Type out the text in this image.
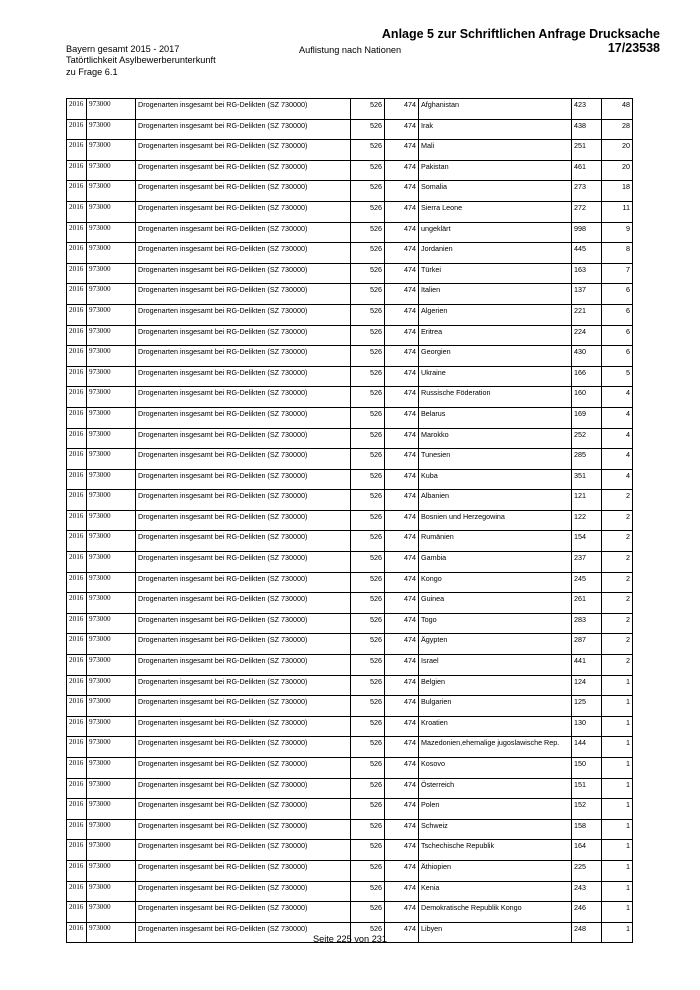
Anlage 5 zur Schriftlichen Anfrage Drucksache 17/23538
Bayern gesamt 2015 - 2017
Tatörtlichkeit Asylbewerberunterkunft
zu Frage 6.1
Auflistung nach Nationen
2016	973000	Drogenarten insgesamt bei RG-Delikten (SZ 730000)	526	474	Afghanistan	423	48
2016	973000	Drogenarten insgesamt bei RG-Delikten (SZ 730000)	526	474	Irak	438	28
2016	973000	Drogenarten insgesamt bei RG-Delikten (SZ 730000)	526	474	Mali	251	20
2016	973000	Drogenarten insgesamt bei RG-Delikten (SZ 730000)	526	474	Pakistan	461	20
2016	973000	Drogenarten insgesamt bei RG-Delikten (SZ 730000)	526	474	Somalia	273	18
2016	973000	Drogenarten insgesamt bei RG-Delikten (SZ 730000)	526	474	Sierra Leone	272	11
2016	973000	Drogenarten insgesamt bei RG-Delikten (SZ 730000)	526	474	ungeklärt	998	9
2016	973000	Drogenarten insgesamt bei RG-Delikten (SZ 730000)	526	474	Jordanien	445	8
2016	973000	Drogenarten insgesamt bei RG-Delikten (SZ 730000)	526	474	Türkei	163	7
2016	973000	Drogenarten insgesamt bei RG-Delikten (SZ 730000)	526	474	Italien	137	6
2016	973000	Drogenarten insgesamt bei RG-Delikten (SZ 730000)	526	474	Algerien	221	6
2016	973000	Drogenarten insgesamt bei RG-Delikten (SZ 730000)	526	474	Eritrea	224	6
2016	973000	Drogenarten insgesamt bei RG-Delikten (SZ 730000)	526	474	Georgien	430	6
2016	973000	Drogenarten insgesamt bei RG-Delikten (SZ 730000)	526	474	Ukraine	166	5
2016	973000	Drogenarten insgesamt bei RG-Delikten (SZ 730000)	526	474	Russische Föderation	160	4
2016	973000	Drogenarten insgesamt bei RG-Delikten (SZ 730000)	526	474	Belarus	169	4
2016	973000	Drogenarten insgesamt bei RG-Delikten (SZ 730000)	526	474	Marokko	252	4
2016	973000	Drogenarten insgesamt bei RG-Delikten (SZ 730000)	526	474	Tunesien	285	4
2016	973000	Drogenarten insgesamt bei RG-Delikten (SZ 730000)	526	474	Kuba	351	4
2016	973000	Drogenarten insgesamt bei RG-Delikten (SZ 730000)	526	474	Albanien	121	2
2016	973000	Drogenarten insgesamt bei RG-Delikten (SZ 730000)	526	474	Bosnien und Herzegowina	122	2
2016	973000	Drogenarten insgesamt bei RG-Delikten (SZ 730000)	526	474	Rumänien	154	2
2016	973000	Drogenarten insgesamt bei RG-Delikten (SZ 730000)	526	474	Gambia	237	2
2016	973000	Drogenarten insgesamt bei RG-Delikten (SZ 730000)	526	474	Kongo	245	2
2016	973000	Drogenarten insgesamt bei RG-Delikten (SZ 730000)	526	474	Guinea	261	2
2016	973000	Drogenarten insgesamt bei RG-Delikten (SZ 730000)	526	474	Togo	283	2
2016	973000	Drogenarten insgesamt bei RG-Delikten (SZ 730000)	526	474	Ägypten	287	2
2016	973000	Drogenarten insgesamt bei RG-Delikten (SZ 730000)	526	474	Israel	441	2
2016	973000	Drogenarten insgesamt bei RG-Delikten (SZ 730000)	526	474	Belgien	124	1
2016	973000	Drogenarten insgesamt bei RG-Delikten (SZ 730000)	526	474	Bulgarien	125	1
2016	973000	Drogenarten insgesamt bei RG-Delikten (SZ 730000)	526	474	Kroatien	130	1
2016	973000	Drogenarten insgesamt bei RG-Delikten (SZ 730000)	526	474	Mazedonien,ehemalige jugoslawische Rep.	144	1
2016	973000	Drogenarten insgesamt bei RG-Delikten (SZ 730000)	526	474	Kosovo	150	1
2016	973000	Drogenarten insgesamt bei RG-Delikten (SZ 730000)	526	474	Österreich	151	1
2016	973000	Drogenarten insgesamt bei RG-Delikten (SZ 730000)	526	474	Polen	152	1
2016	973000	Drogenarten insgesamt bei RG-Delikten (SZ 730000)	526	474	Schweiz	158	1
2016	973000	Drogenarten insgesamt bei RG-Delikten (SZ 730000)	526	474	Tschechische Republik	164	1
2016	973000	Drogenarten insgesamt bei RG-Delikten (SZ 730000)	526	474	Äthiopien	225	1
2016	973000	Drogenarten insgesamt bei RG-Delikten (SZ 730000)	526	474	Kenia	243	1
2016	973000	Drogenarten insgesamt bei RG-Delikten (SZ 730000)	526	474	Demokratische Republik Kongo	246	1
2016	973000	Drogenarten insgesamt bei RG-Delikten (SZ 730000)	526	474	Libyen	248	1
Seite 225 von 231
